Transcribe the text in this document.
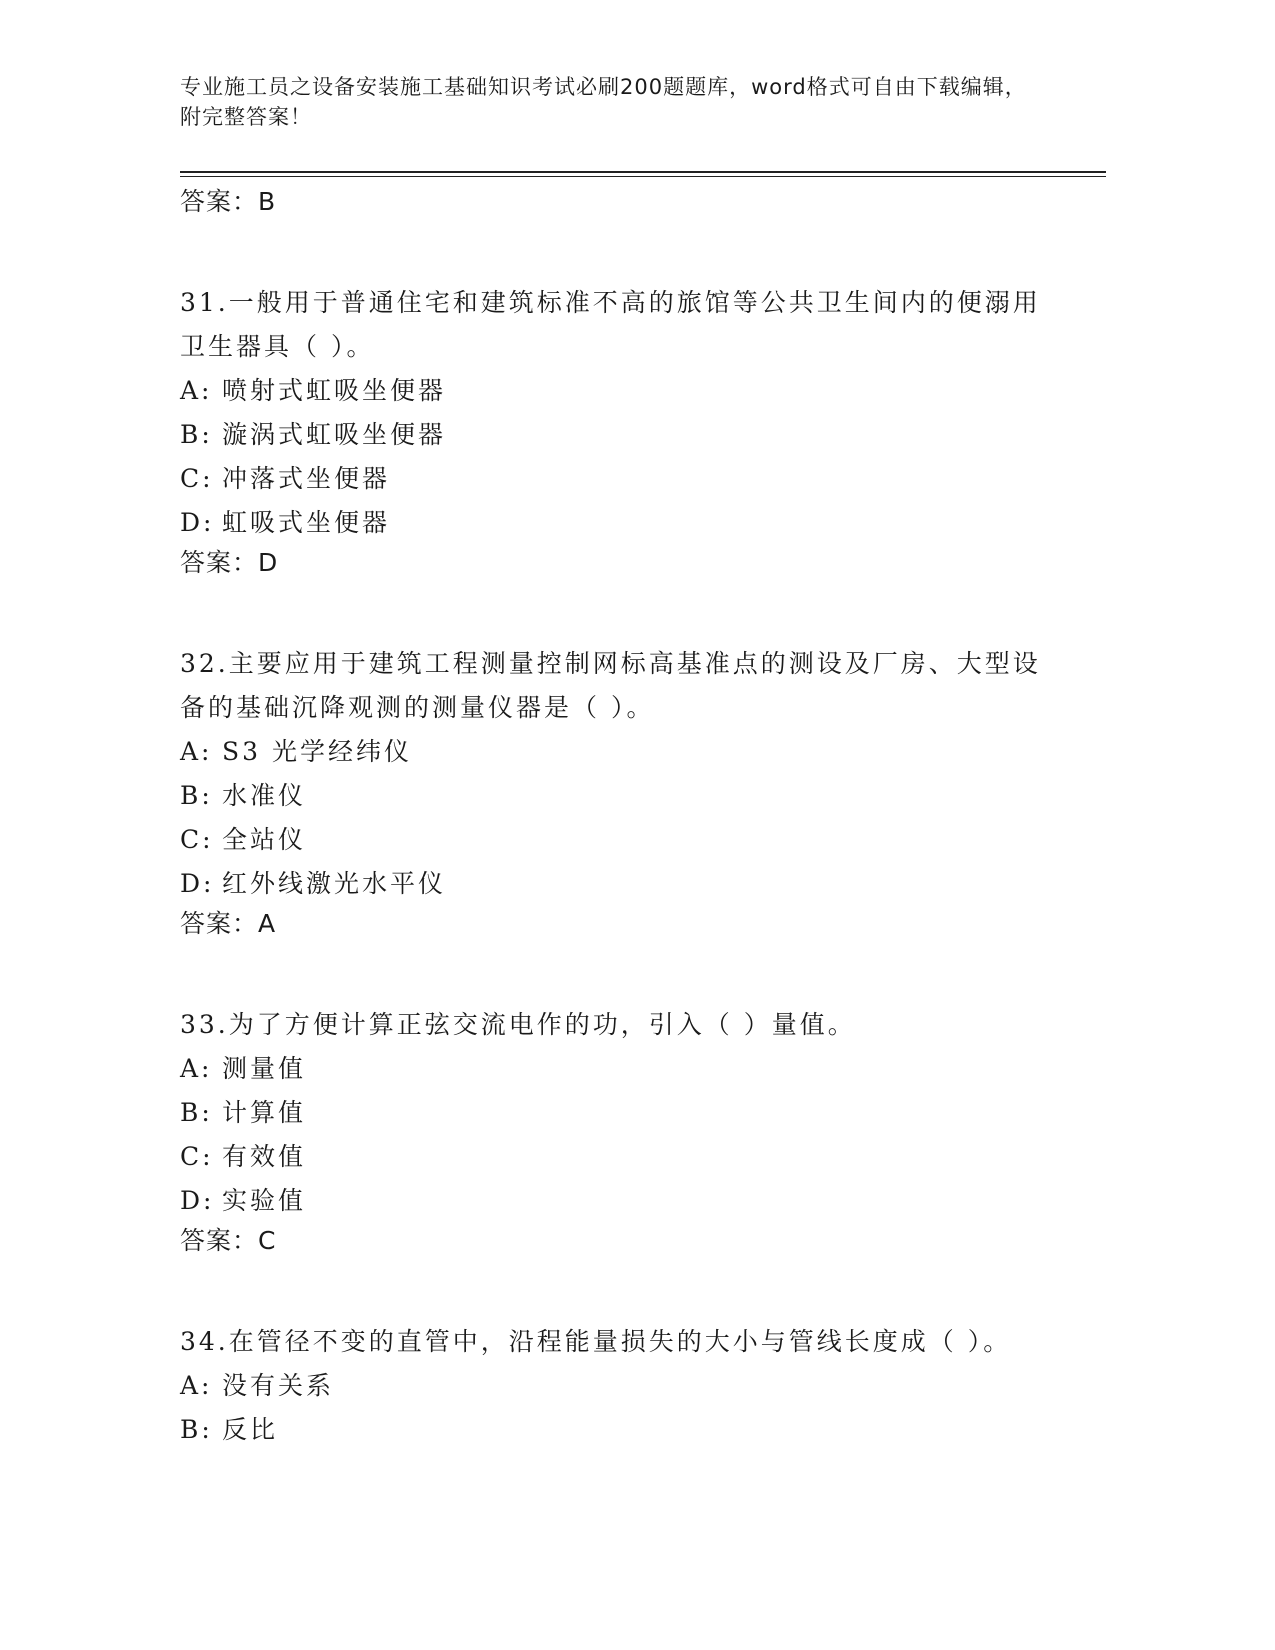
专业施工员之设备安装施工基础知识考试必刷200题题库，word格式可自由下载编辑，附完整答案！
答案：B
31.一般用于普通住宅和建筑标准不高的旅馆等公共卫生间内的便溺用卫生器具（ ）。
A: 喷射式虹吸坐便器
B: 漩涡式虹吸坐便器
C: 冲落式坐便器
D: 虹吸式坐便器
答案：D
32.主要应用于建筑工程测量控制网标高基准点的测设及厂房、大型设备的基础沉降观测的测量仪器是（ ）。
A: S3 光学经纬仪
B: 水准仪
C: 全站仪
D: 红外线激光水平仪
答案：A
33.为了方便计算正弦交流电作的功，引入（ ）量值。
A: 测量值
B: 计算值
C: 有效值
D: 实验值
答案：C
34.在管径不变的直管中，沿程能量损失的大小与管线长度成（ ）。
A: 没有关系
B: 反比
